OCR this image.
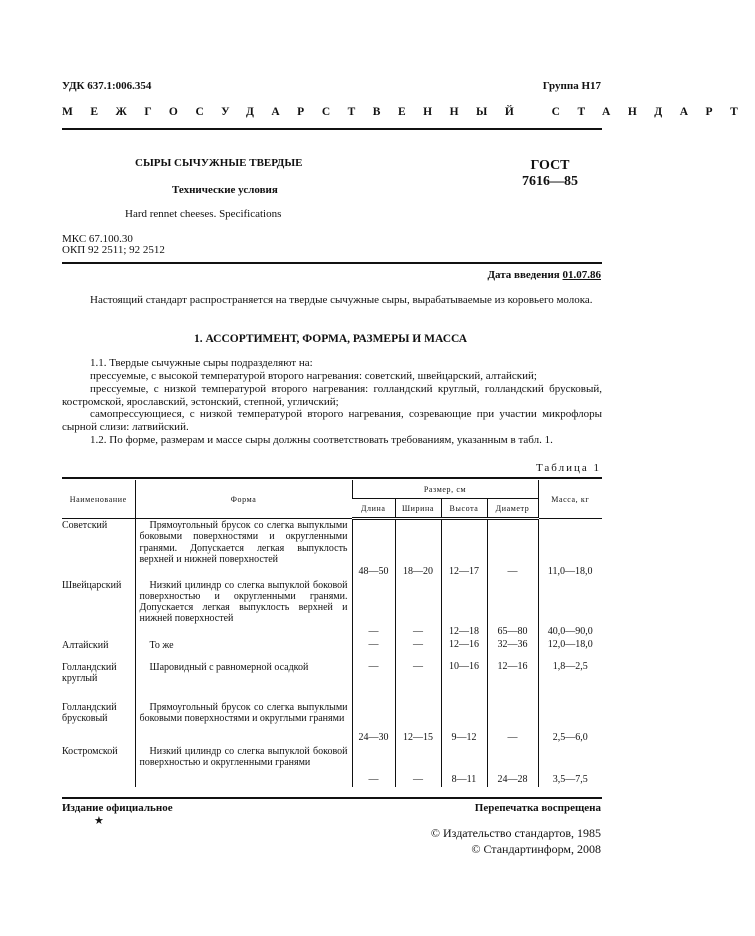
УДК 637.1:006.354	Группа Н17
МЕЖГОСУДАРСТВЕННЫЙ СТАНДАРТ
СЫРЫ СЫЧУЖНЫЕ ТВЕРДЫЕ
Технические условия
Hard rennet cheeses. Specifications
ГОСТ
7616—85
МКС 67.100.30
ОКП 92 2511; 92 2512
Дата введения 01.07.86
Настоящий стандарт распространяется на твердые сычужные сыры, вырабатываемые из коровьего молока.
1. АССОРТИМЕНТ, ФОРМА, РАЗМЕРЫ И МАССА
1.1. Твердые сычужные сыры подразделяют на:
прессуемые, с высокой температурой второго нагревания: советский, швейцарский, алтайский;
прессуемые, с низкой температурой второго нагревания: голландский круглый, голландский брусковый, костромской, ярославский, эстонский, степной, угличский;
самопрессующиеся, с низкой температурой второго нагревания, созревающие при участии микрофлоры сырной слизи: латвийский.
1.2. По форме, размерам и массе сыры должны соответствовать требованиям, указанным в табл. 1.
Таблица 1
Наименование	Форма	Размер, см				Масса, кг
		Длина	Ширина	Высота	Диаметр	
Советский	Прямоугольный брусок со слегка выпуклыми боковыми поверхностями и округленными гранями. Допускается легкая выпуклость верхней и нижней поверхностей	48—50	18—20	12—17	—	11,0—18,0
Швейцарский	Низкий цилиндр со слегка выпуклой боковой поверхностью и округленными гранями. Допускается легкая выпуклость верхней и нижней поверхностей	—	—	12—18	65—80	40,0—90,0
Алтайский	То же	—	—	12—16	32—36	12,0—18,0
Голландский круглый	Шаровидный с равномерной осадкой	—	—	10—16	12—16	1,8—2,5
Голландский брусковый	Прямоугольный брусок со слегка выпуклыми боковыми поверхностями и округлыми гранями	24—30	12—15	9—12	—	2,5—6,0
Костромской	Низкий цилиндр со слегка выпуклой боковой поверхностью и округленными гранями	—	—	8—11	24—28	3,5—7,5
Издание официальное	Перепечатка воспрещена
★
© Издательство стандартов, 1985
© Стандартинформ, 2008
